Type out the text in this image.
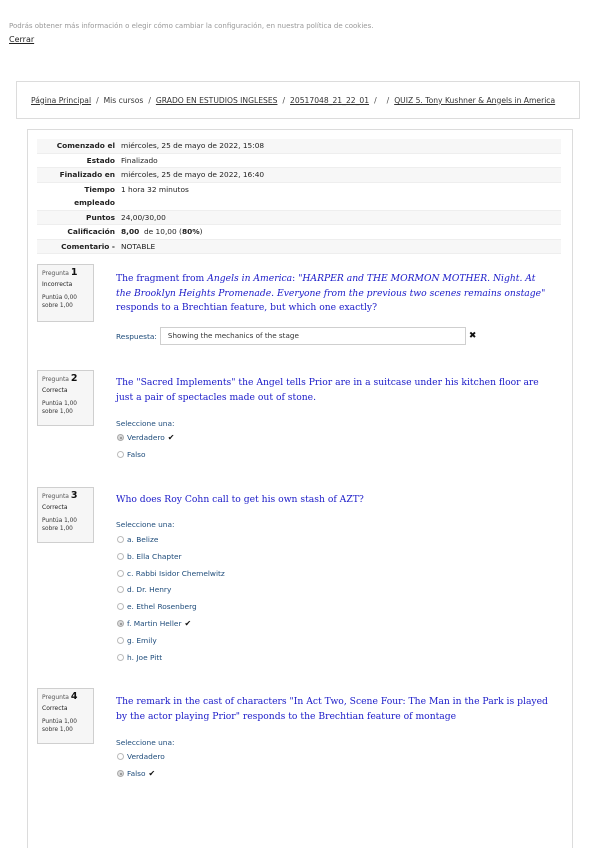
Podrás obtener más información o elegir cómo cambiar la configuración, en nuestra política de cookies.
Cerrar
Página Principal / Mis cursos / GRADO EN ESTUDIOS INGLESES / 20517048_21_22_01 / / QUIZ 5. Tony Kushner & Angels in America
Comenzado el	miércoles, 25 de mayo de 2022, 15:08
Estado	Finalizado
Finalizado en	miércoles, 25 de mayo de 2022, 16:40
Tiempo empleado	1 hora 32 minutos
Puntos	24,00/30,00
Calificación	8,00 de 10,00 (80%)
Comentario -	NOTABLE
Pregunta 1
Incorrecta
Puntúa 0,00 sobre 1,00
The fragment from Angels in America: "HARPER and THE MORMON MOTHER. Night. At the Brooklyn Heights Promenade. Everyone from the previous two scenes remains onstage" responds to a Brechtian feature, but which one exactly?
Respuesta:	Showing the mechanics of the stage	✖
Pregunta 2
Correcta
Puntúa 1,00 sobre 1,00
The "Sacred Implements" the Angel tells Prior are in a suitcase under his kitchen floor are just a pair of spectacles made out of stone.
Seleccione una:
Verdadero ✔
Falso
Pregunta 3
Correcta
Puntúa 1,00 sobre 1,00
Who does Roy Cohn call to get his own stash of AZT?
Seleccione una:
a. Belize
b. Ella Chapter
c. Rabbi Isidor Chemelwitz
d. Dr. Henry
e. Ethel Rosenberg
f. Martin Heller ✔
g. Emily
h. Joe Pitt
Pregunta 4
Correcta
Puntúa 1,00 sobre 1,00
The remark in the cast of characters "In Act Two, Scene Four: The Man in the Park is played by the actor playing Prior" responds to the Brechtian feature of montage
Seleccione una:
Verdadero
Falso ✔
